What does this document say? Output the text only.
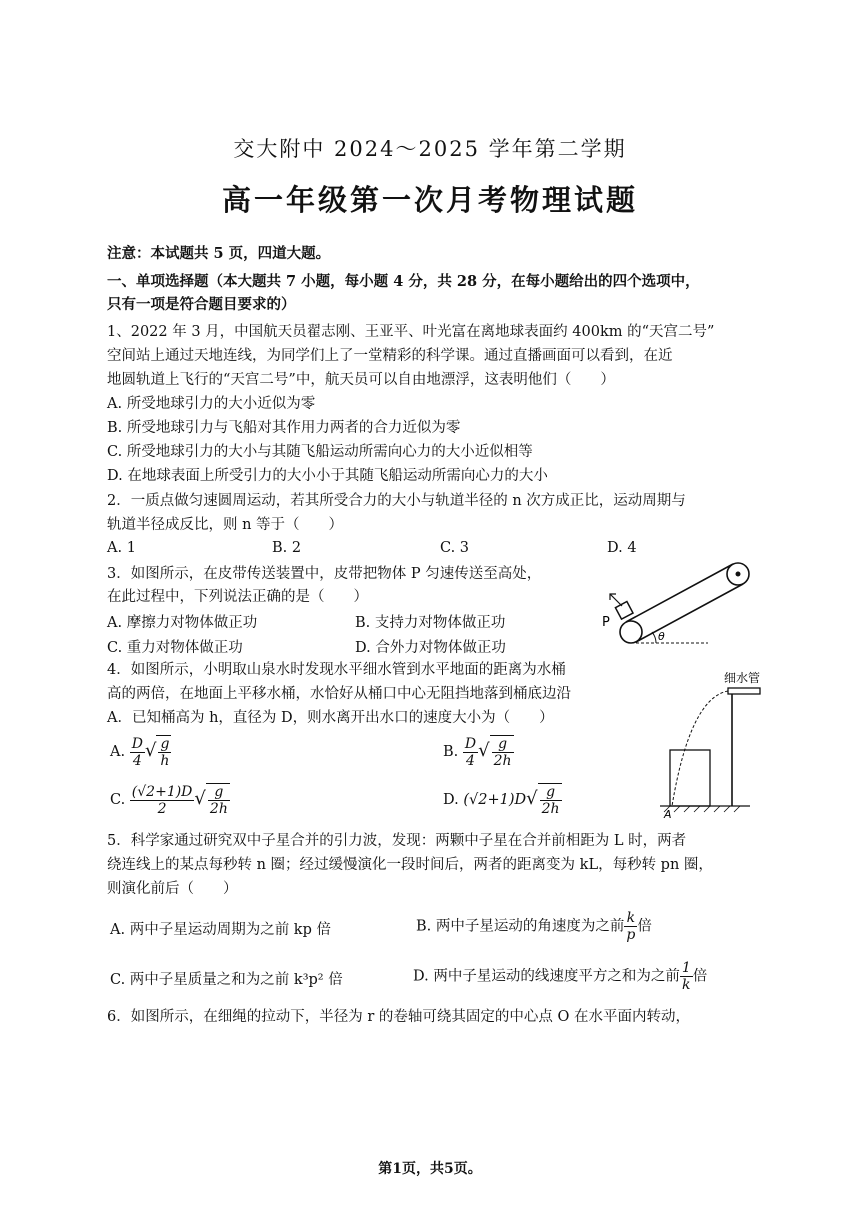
交大附中 2024～2025 学年第二学期
高一年级第一次月考物理试题
注意：本试题共 5 页，四道大题。
一、单项选择题（本大题共 7 小题，每小题 4 分，共 28 分，在每小题给出的四个选项中，
只有一项是符合题目要求的）
1、2022 年 3 月，中国航天员翟志刚、王亚平、叶光富在离地球表面约 400km 的“天宫二号”
空间站上通过天地连线，为同学们上了一堂精彩的科学课。通过直播画面可以看到，在近
地圆轨道上飞行的“天宫二号”中，航天员可以自由地漂浮，这表明他们（　　）
A. 所受地球引力的大小近似为零
B. 所受地球引力与飞船对其作用力两者的合力近似为零
C. 所受地球引力的大小与其随飞船运动所需向心力的大小近似相等
D. 在地球表面上所受引力的大小小于其随飞船运动所需向心力的大小
2．一质点做匀速圆周运动，若其所受合力的大小与轨道半径的 n 次方成正比，运动周期与
轨道半径成反比，则 n 等于（　　）
A. 1	B. 2	C. 3	D. 4
3．如图所示，在皮带传送装置中，皮带把物体 P 匀速传送至高处，
在此过程中，下列说法正确的是（　　）
A. 摩擦力对物体做正功	B. 支持力对物体做正功
C. 重力对物体做正功	D. 合外力对物体做正功
P
θ
4．如图所示，小明取山泉水时发现水平细水管到水平地面的距离为水桶
高的两倍，在地面上平移水桶，水恰好从桶口中心无阻挡地落到桶底边沿
A．已知桶高为 h，直径为 D，则水离开出水口的速度大小为（　　）
A. $\frac{D}{4}$ √ $\frac{g}{h}$	B. $\frac{D}{4}$ √ $\frac{g}{2h}$
C. $\frac{(√2+1)D}{2}$ √ $\frac{g}{2h}$	D. $(√2+1)D√ \frac{g}{2h}$
细水管
A
5．科学家通过研究双中子星合并的引力波，发现：两颗中子星在合并前相距为 L 时，两者
绕连线上的某点每秒转 n 圈；经过缓慢演化一段时间后，两者的距离变为 kL，每秒转 pn 圈，
则演化前后（　　）
A. 两中子星运动周期为之前 kp 倍	B. 两中子星运动的角速度为之前 $\frac{k}{p}$ 倍
C. 两中子星质量之和为之前 k³p² 倍	D. 两中子星运动的线速度平方之和为之前 $\frac{1}{k}$ 倍
6．如图所示，在细绳的拉动下，半径为 r 的卷轴可绕其固定的中心点 O 在水平面内转动，
第1页，共5页。
